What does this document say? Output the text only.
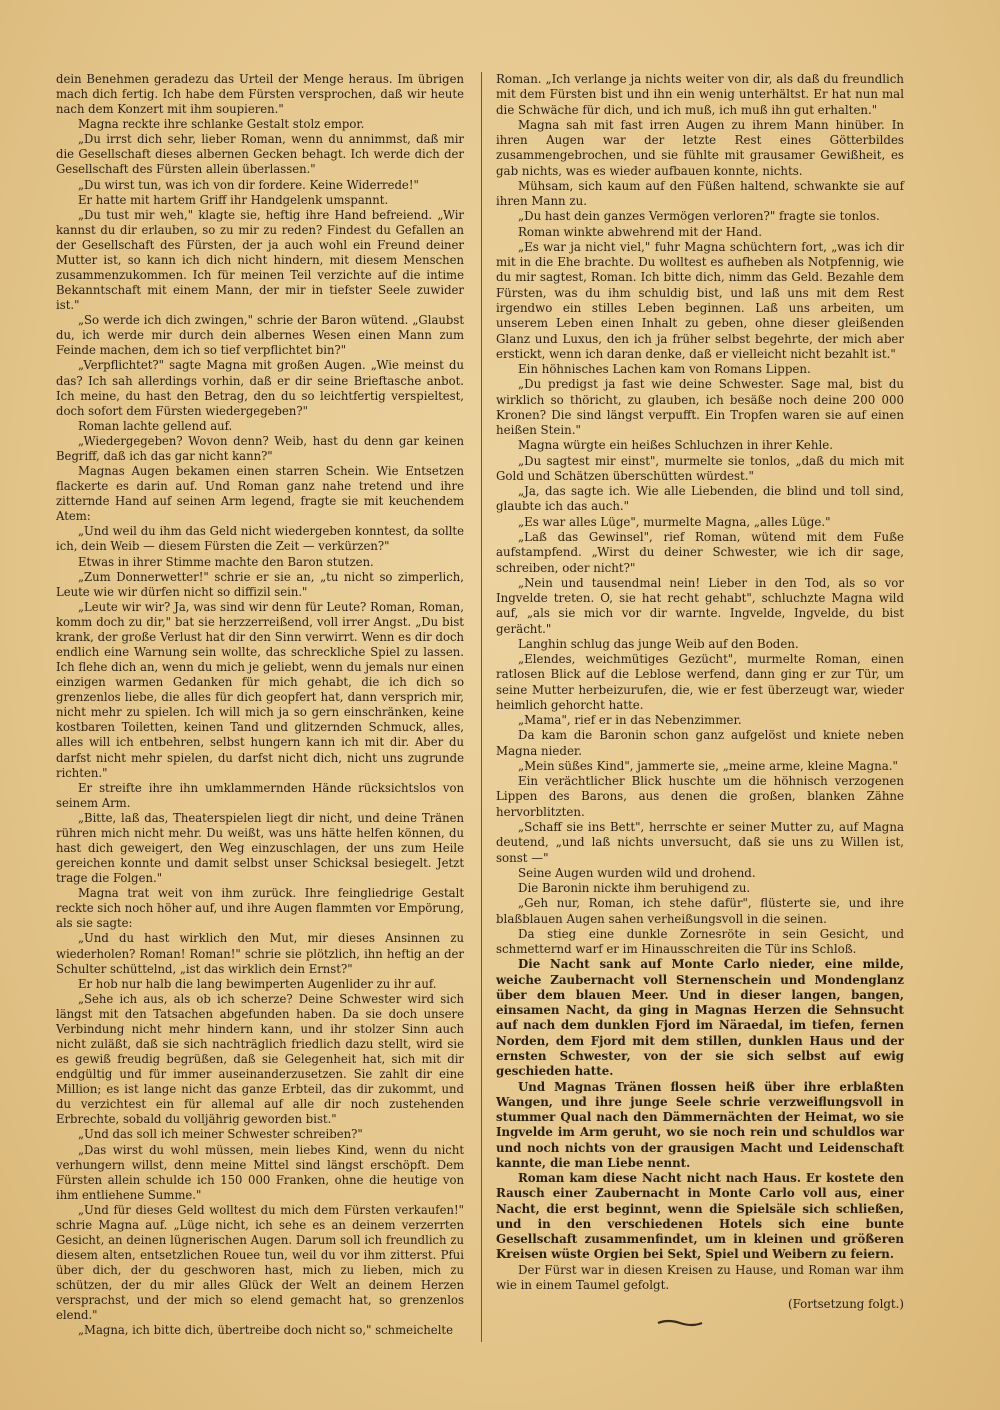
dein Benehmen geradezu das Urteil der Menge heraus. Im übrigen mach dich fertig. Ich habe dem Fürsten versprochen, daß wir heute nach dem Konzert mit ihm soupieren."

Magna reckte ihre schlanke Gestalt stolz empor.

„Du irrst dich sehr, lieber Roman, wenn du annimmst, daß mir die Gesellschaft dieses albernen Gecken behagt. Ich werde dich der Gesellschaft des Fürsten allein überlassen."

„Du wirst tun, was ich von dir fordere. Keine Widerrede!"

Er hatte mit hartem Griff ihr Handgelenk umspannt.

„Du tust mir weh," klagte sie, heftig ihre Hand befreiend. „Wir kannst du dir erlauben, so zu mir zu reden? Findest du Gefallen an der Gesellschaft des Fürsten, der ja auch wohl ein Freund deiner Mutter ist, so kann ich dich nicht hindern, mit diesem Menschen zusammenzukommen. Ich für meinen Teil verzichte auf die intime Bekanntschaft mit einem Mann, der mir in tiefster Seele zuwider ist."

„So werde ich dich zwingen," schrie der Baron wütend. „Glaubst du, ich werde mir durch dein albernes Wesen einen Mann zum Feinde machen, dem ich so tief verpflichtet bin?"

„Verpflichtet?" sagte Magna mit großen Augen. „Wie meinst du das? Ich sah allerdings vorhin, daß er dir seine Brieftasche anbot. Ich meine, du hast den Betrag, den du so leichtfertig verspieltest, doch sofort dem Fürsten wiedergegeben?"

Roman lachte gellend auf.

„Wiedergegeben? Wovon denn? Weib, hast du denn gar keinen Begriff, daß ich das gar nicht kann?"

Magnas Augen bekamen einen starren Schein. Wie Entsetzen flackerte es darin auf. Und Roman ganz nahe tretend und ihre zitternde Hand auf seinen Arm legend, fragte sie mit keuchendem Atem:

„Und weil du ihm das Geld nicht wiedergeben konntest, da sollte ich, dein Weib — diesem Fürsten die Zeit — verkürzen?"

Etwas in ihrer Stimme machte den Baron stutzen.

„Zum Donnerwetter!" schrie er sie an, „tu nicht so zimperlich, Leute wie wir dürfen nicht so diffizil sein."

„Leute wir wir? Ja, was sind wir denn für Leute? Roman, Roman, komm doch zu dir," bat sie herzzerreißend, voll irrer Angst. „Du bist krank, der große Verlust hat dir den Sinn verwirrt. Wenn es dir doch endlich eine Warnung sein wollte, das schreckliche Spiel zu lassen. Ich flehe dich an, wenn du mich je geliebt, wenn du jemals nur einen einzigen warmen Gedanken für mich gehabt, die ich dich so grenzenlos liebe, die alles für dich geopfert hat, dann versprich mir, nicht mehr zu spielen. Ich will mich ja so gern einschränken, keine kostbaren Toiletten, keinen Tand und glitzernden Schmuck, alles, alles will ich entbehren, selbst hungern kann ich mit dir. Aber du darfst nicht mehr spielen, du darfst nicht dich, nicht uns zugrunde richten."

Er streifte ihre ihn umklammernden Hände rücksichtslos von seinem Arm.

„Bitte, laß das, Theaterspielen liegt dir nicht, und deine Tränen rühren mich nicht mehr. Du weißt, was uns hätte helfen können, du hast dich geweigert, den Weg einzuschlagen, der uns zum Heile gereichen konnte und damit selbst unser Schicksal besiegelt. Jetzt trage die Folgen."

Magna trat weit von ihm zurück. Ihre feingliedrige Gestalt reckte sich noch höher auf, und ihre Augen flammten vor Empörung, als sie sagte:

„Und du hast wirklich den Mut, mir dieses Ansinnen zu wiederholen? Roman! Roman!" schrie sie plötzlich, ihn heftig an der Schulter schüttelnd, „ist das wirklich dein Ernst?"

Er hob nur halb die lang bewimperten Augenlider zu ihr auf.

„Sehe ich aus, als ob ich scherze? Deine Schwester wird sich längst mit den Tatsachen abgefunden haben. Da sie doch unsere Verbindung nicht mehr hindern kann, und ihr stolzer Sinn auch nicht zuläßt, daß sie sich nachträglich friedlich dazu stellt, wird sie es gewiß freudig begrüßen, daß sie Gelegenheit hat, sich mit dir endgültig und für immer auseinanderzusetzen. Sie zahlt dir eine Million; es ist lange nicht das ganze Erbteil, das dir zukommt, und du verzichtest ein für allemal auf alle dir noch zustehenden Erbrechte, sobald du volljährig geworden bist."

„Und das soll ich meiner Schwester schreiben?"

„Das wirst du wohl müssen, mein liebes Kind, wenn du nicht verhungern willst, denn meine Mittel sind längst erschöpft. Dem Fürsten allein schulde ich 150 000 Franken, ohne die heutige von ihm entliehene Summe."

„Und für dieses Geld wolltest du mich dem Fürsten verkaufen!" schrie Magna auf. „Lüge nicht, ich sehe es an deinem verzerrten Gesicht, an deinen lügnerischen Augen. Darum soll ich freundlich zu diesem alten, entsetzlichen Rouee tun, weil du vor ihm zitterst. Pfui über dich, der du geschworen hast, mich zu lieben, mich zu schützen, der du mir alles Glück der Welt an deinem Herzen versprachst, und der mich so elend gemacht hat, so grenzenlos elend."

„Magna, ich bitte dich, übertreibe doch nicht so," schmeichelte

Roman. „Ich verlange ja nichts weiter von dir, als daß du freundlich mit dem Fürsten bist und ihn ein wenig unterhältst. Er hat nun mal die Schwäche für dich, und ich muß, ich muß ihn gut erhalten."

Magna sah mit fast irren Augen zu ihrem Mann hinüber. In ihren Augen war der letzte Rest eines Götterbildes zusammengebrochen, und sie fühlte mit grausamer Gewißheit, es gab nichts, was es wieder aufbauen konnte, nichts.

Mühsam, sich kaum auf den Füßen haltend, schwankte sie auf ihren Mann zu.

„Du hast dein ganzes Vermögen verloren?" fragte sie tonlos.

Roman winkte abwehrend mit der Hand.

„Es war ja nicht viel," fuhr Magna schüchtern fort, „was ich dir mit in die Ehe brachte. Du wolltest es aufheben als Notpfennig, wie du mir sagtest, Roman. Ich bitte dich, nimm das Geld. Bezahle dem Fürsten, was du ihm schuldig bist, und laß uns mit dem Rest irgendwo ein stilles Leben beginnen. Laß uns arbeiten, um unserem Leben einen Inhalt zu geben, ohne dieser gleißenden Glanz und Luxus, den ich ja früher selbst begehrte, der mich aber erstickt, wenn ich daran denke, daß er vielleicht nicht bezahlt ist."

Ein höhnisches Lachen kam von Romans Lippen.

„Du predigst ja fast wie deine Schwester. Sage mal, bist du wirklich so thöricht, zu glauben, ich besäße noch deine 200 000 Kronen? Die sind längst verpufft. Ein Tropfen waren sie auf einen heißen Stein."

Magna würgte ein heißes Schluchzen in ihrer Kehle.

„Du sagtest mir einst", murmelte sie tonlos, „daß du mich mit Gold und Schätzen überschütten würdest."

„Ja, das sagte ich. Wie alle Liebenden, die blind und toll sind, glaubte ich das auch."

„Es war alles Lüge", murmelte Magna, „alles Lüge."

„Laß das Gewinsel", rief Roman, wütend mit dem Fuße aufstampfend. „Wirst du deiner Schwester, wie ich dir sage, schreiben, oder nicht?"

„Nein und tausendmal nein! Lieber in den Tod, als so vor Ingvelde treten. O, sie hat recht gehabt", schluchzte Magna wild auf, „als sie mich vor dir warnte. Ingvelde, Ingvelde, du bist gerächt."

Langhin schlug das junge Weib auf den Boden.

„Elendes, weichmütiges Gezücht", murmelte Roman, einen ratlosen Blick auf die Leblose werfend, dann ging er zur Tür, um seine Mutter herbeizurufen, die, wie er fest überzeugt war, wieder heimlich gehorcht hatte.

„Mama", rief er in das Nebenzimmer.

Da kam die Baronin schon ganz aufgelöst und kniete neben Magna nieder.

„Mein süßes Kind", jammerte sie, „meine arme, kleine Magna."

Ein verächtlicher Blick huschte um die höhnisch verzogenen Lippen des Barons, aus denen die großen, blanken Zähne hervorblitzten.

„Schaff sie ins Bett", herrschte er seiner Mutter zu, auf Magna deutend, „und laß nichts unversucht, daß sie uns zu Willen ist, sonst —"

Seine Augen wurden wild und drohend.

Die Baronin nickte ihm beruhigend zu.

„Geh nur, Roman, ich stehe dafür", flüsterte sie, und ihre blaßblauen Augen sahen verheißungsvoll in die seinen.

Da stieg eine dunkle Zornesröte in sein Gesicht, und schmetternd warf er im Hinausschreiten die Tür ins Schloß.

Die Nacht sank auf Monte Carlo nieder, eine milde, weiche Zaubernacht voll Sternenschein und Mondenglanz über dem blauen Meer. Und in dieser langen, bangen, einsamen Nacht, da ging in Magnas Herzen die Sehnsucht auf nach dem dunklen Fjord im Näraedal, im tiefen, fernen Norden, dem Fjord mit dem stillen, dunklen Haus und der ernsten Schwester, von der sie sich selbst auf ewig geschieden hatte.

Und Magnas Tränen flossen heiß über ihre erblaßten Wangen, und ihre junge Seele schrie verzweiflungsvoll in stummer Qual nach den Dämmernächten der Heimat, wo sie Ingvelde im Arm geruht, wo sie noch rein und schuldlos war und noch nichts von der grausigen Macht und Leidenschaft kannte, die man Liebe nennt.

Roman kam diese Nacht nicht nach Haus. Er kostete den Rausch einer Zaubernacht in Monte Carlo voll aus, einer Nacht, die erst beginnt, wenn die Spielsäle sich schließen, und in den verschiedenen Hotels sich eine bunte Gesellschaft zusammenfindet, um in kleinen und größeren Kreisen wüste Orgien bei Sekt, Spiel und Weibern zu feiern.

Der Fürst war in diesen Kreisen zu Hause, und Roman war ihm wie in einem Taumel gefolgt.

(Fortsetzung folgt.)
